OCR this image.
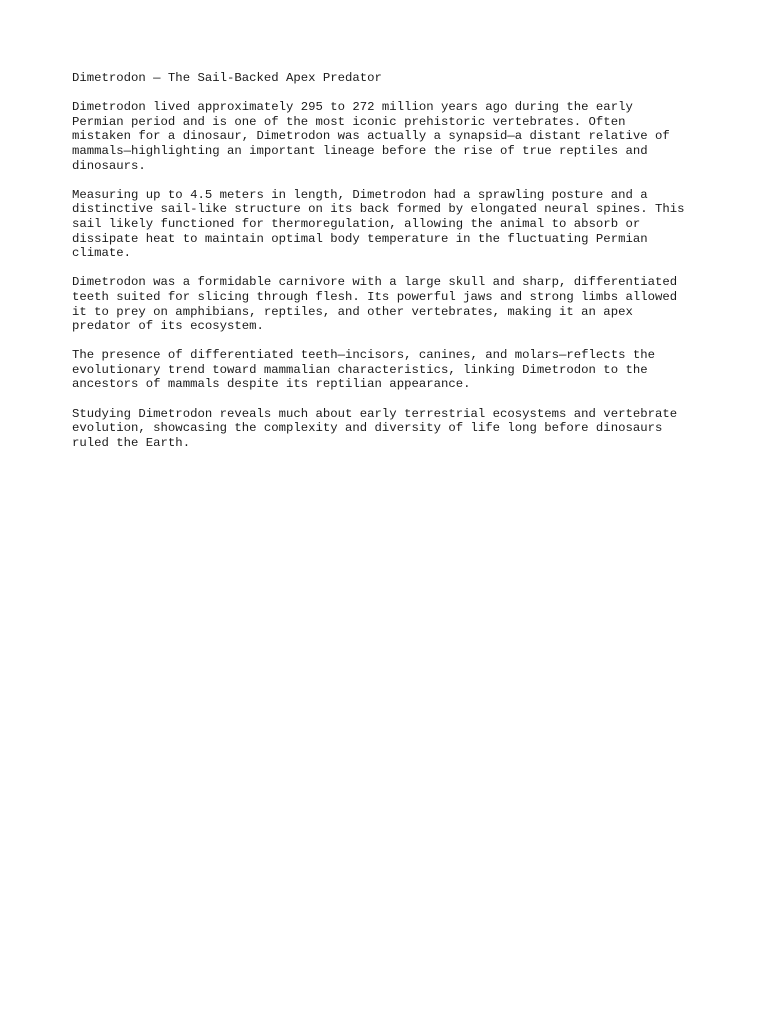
Dimetrodon — The Sail-Backed Apex Predator

Dimetrodon lived approximately 295 to 272 million years ago during the early
Permian period and is one of the most iconic prehistoric vertebrates. Often
mistaken for a dinosaur, Dimetrodon was actually a synapsid—a distant relative of
mammals—highlighting an important lineage before the rise of true reptiles and
dinosaurs.

Measuring up to 4.5 meters in length, Dimetrodon had a sprawling posture and a
distinctive sail-like structure on its back formed by elongated neural spines. This
sail likely functioned for thermoregulation, allowing the animal to absorb or
dissipate heat to maintain optimal body temperature in the fluctuating Permian
climate.

Dimetrodon was a formidable carnivore with a large skull and sharp, differentiated
teeth suited for slicing through flesh. Its powerful jaws and strong limbs allowed
it to prey on amphibians, reptiles, and other vertebrates, making it an apex
predator of its ecosystem.

The presence of differentiated teeth—incisors, canines, and molars—reflects the
evolutionary trend toward mammalian characteristics, linking Dimetrodon to the
ancestors of mammals despite its reptilian appearance.

Studying Dimetrodon reveals much about early terrestrial ecosystems and vertebrate
evolution, showcasing the complexity and diversity of life long before dinosaurs
ruled the Earth.
